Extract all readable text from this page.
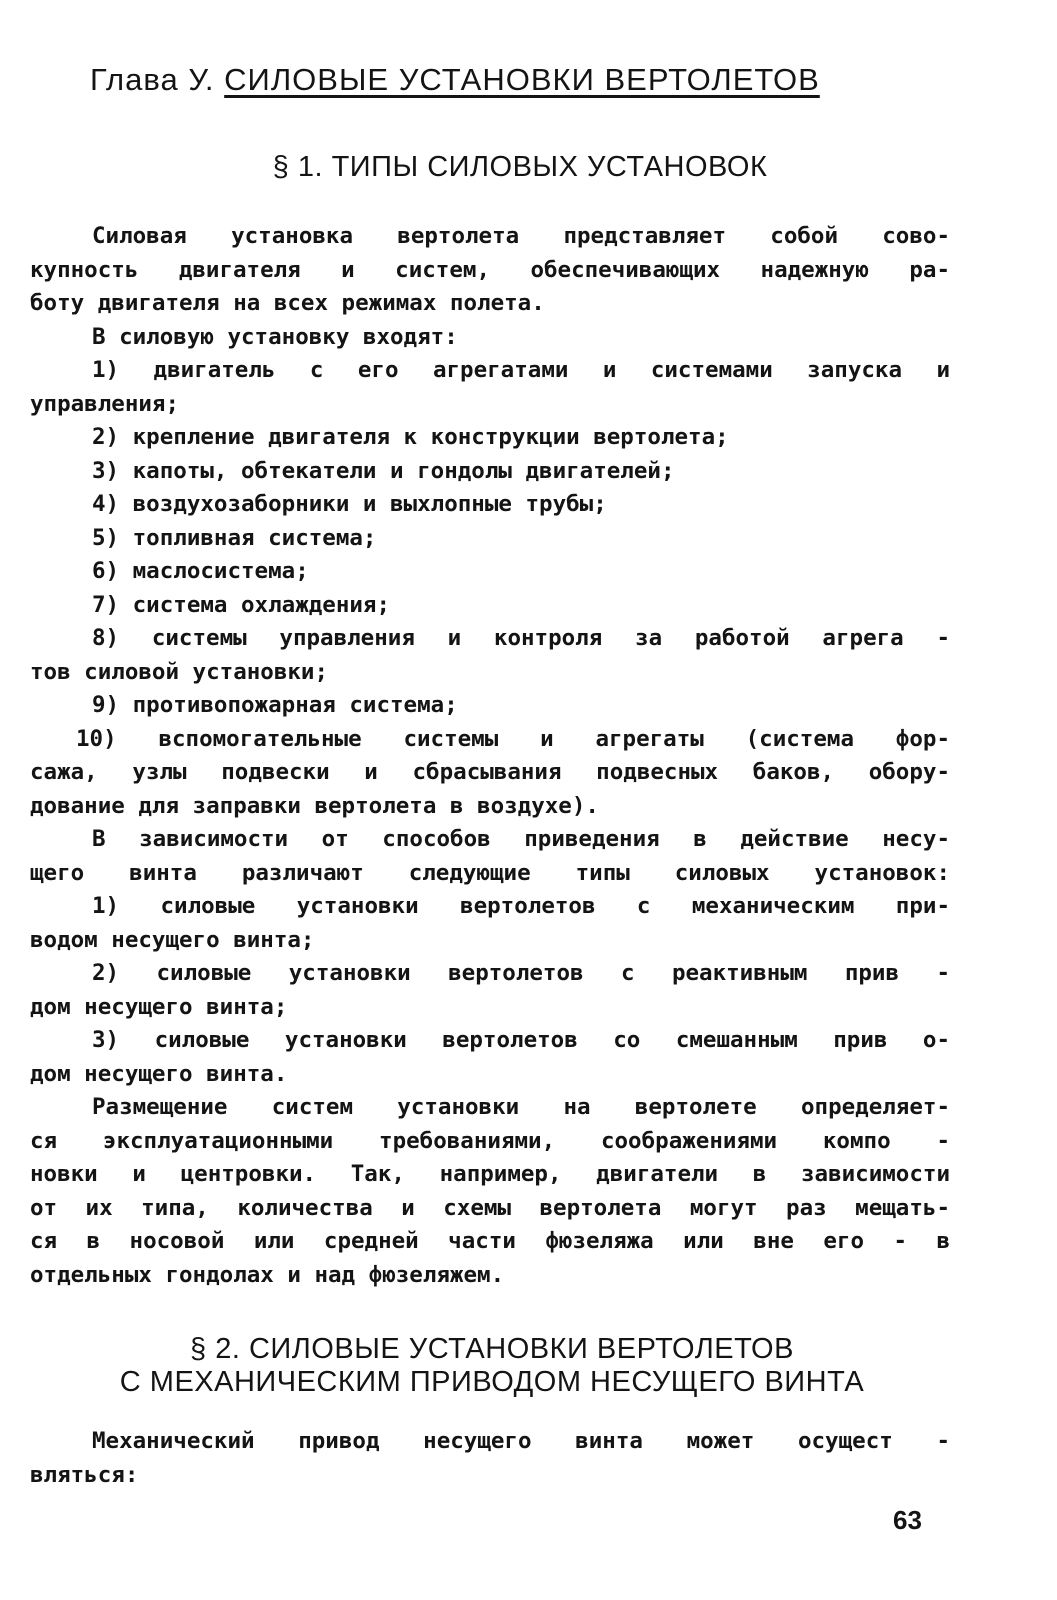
Глава У. СИЛОВЫЕ УСТАНОВКИ ВЕРТОЛЕТОВ
§ 1. ТИПЫ СИЛОВЫХ УСТАНОВОК
Силовая установка вертолета представляет собой сово-
купность двигателя и систем, обеспечивающих надежную ра-
боту двигателя на всех режимах полета.
В силовую установку входят:
1) двигатель с его агрегатами и системами запуска и
управления;
2) крепление двигателя к конструкции вертолета;
3) капоты, обтекатели и гондолы двигателей;
4) воздухозаборники и выхлопные трубы;
5) топливная система;
6) маслосистема;
7) система охлаждения;
8) системы управления и контроля за работой агрега -
тов силовой установки;
9) противопожарная система;
10) вспомогательные системы и агрегаты (система фор-
сажа, узлы подвески и сбрасывания подвесных баков, обору-
дование для заправки вертолета в воздухе).
В зависимости от способов приведения в действие несу-
щего винта различают следующие типы силовых установок:
1) силовые установки вертолетов с механическим при-
водом несущего винта;
2) силовые установки вертолетов с реактивным прив -
дом несущего винта;
3) силовые установки вертолетов со смешанным прив о-
дом несущего винта.
Размещение систем установки на вертолете определяет-
ся эксплуатационными требованиями, соображениями компо -
новки и центровки. Так, например, двигатели в зависимости
от их типа, количества и схемы вертолета могут раз мещать-
ся в носовой или средней части фюзеляжа или вне его - в
отдельных гондолах и над фюзеляжем.
§ 2. СИЛОВЫЕ УСТАНОВКИ ВЕРТОЛЕТОВ
С МЕХАНИЧЕСКИМ ПРИВОДОМ НЕСУЩЕГО ВИНТА
Механический привод несущего винта может осущест -
вляться:
63
